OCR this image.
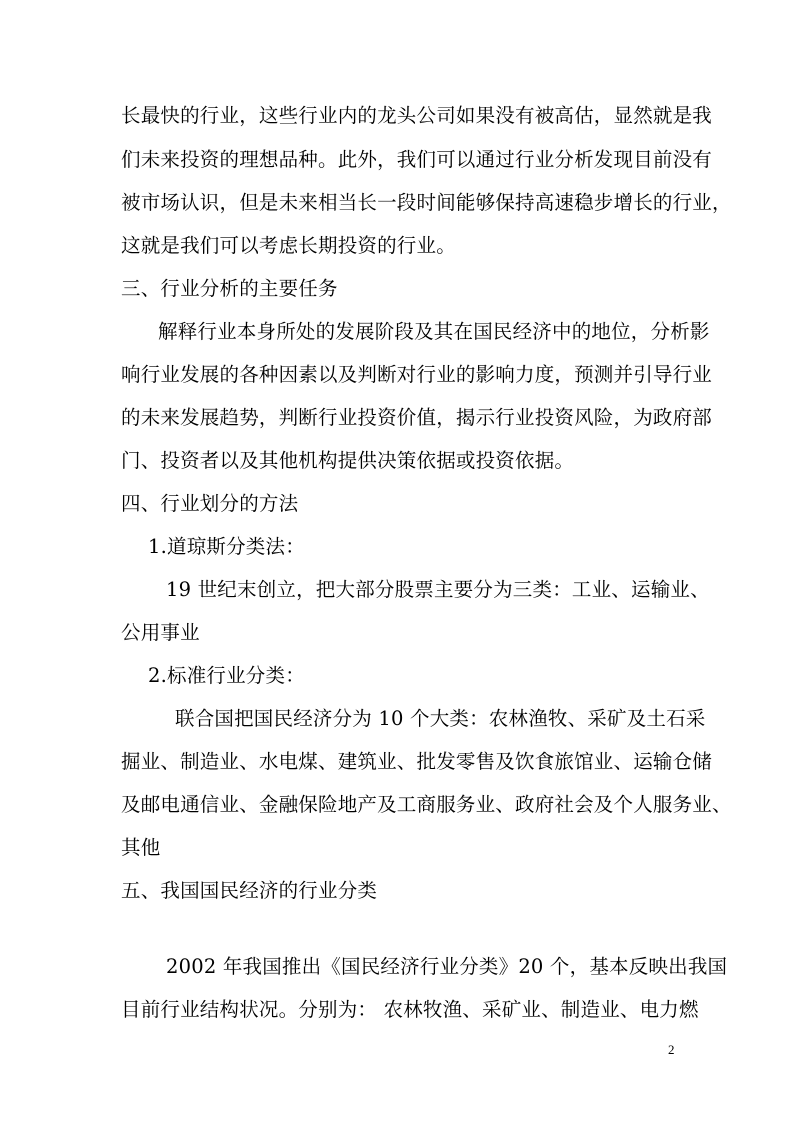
长最快的行业，这些行业内的龙头公司如果没有被高估，显然就是我
们未来投资的理想品种。此外，我们可以通过行业分析发现目前没有
被市场认识，但是未来相当长一段时间能够保持高速稳步增长的行业，
这就是我们可以考虑长期投资的行业。
三、行业分析的主要任务
解释行业本身所处的发展阶段及其在国民经济中的地位，分析影
响行业发展的各种因素以及判断对行业的影响力度，预测并引导行业
的未来发展趋势，判断行业投资价值，揭示行业投资风险，为政府部
门、投资者以及其他机构提供决策依据或投资依据。
四、行业划分的方法
1.道琼斯分类法：
19 世纪末创立，把大部分股票主要分为三类：工业、运输业、
公用事业
2.标准行业分类：
联合国把国民经济分为 10 个大类：农林渔牧、采矿及土石采
掘业、制造业、水电煤、建筑业、批发零售及饮食旅馆业、运输仓储
及邮电通信业、金融保险地产及工商服务业、政府社会及个人服务业、
其他
五、我国国民经济的行业分类
2002 年我国推出《国民经济行业分类》20 个，基本反映出我国
目前行业结构状况。分别为： 农林牧渔、采矿业、制造业、电力燃
2
